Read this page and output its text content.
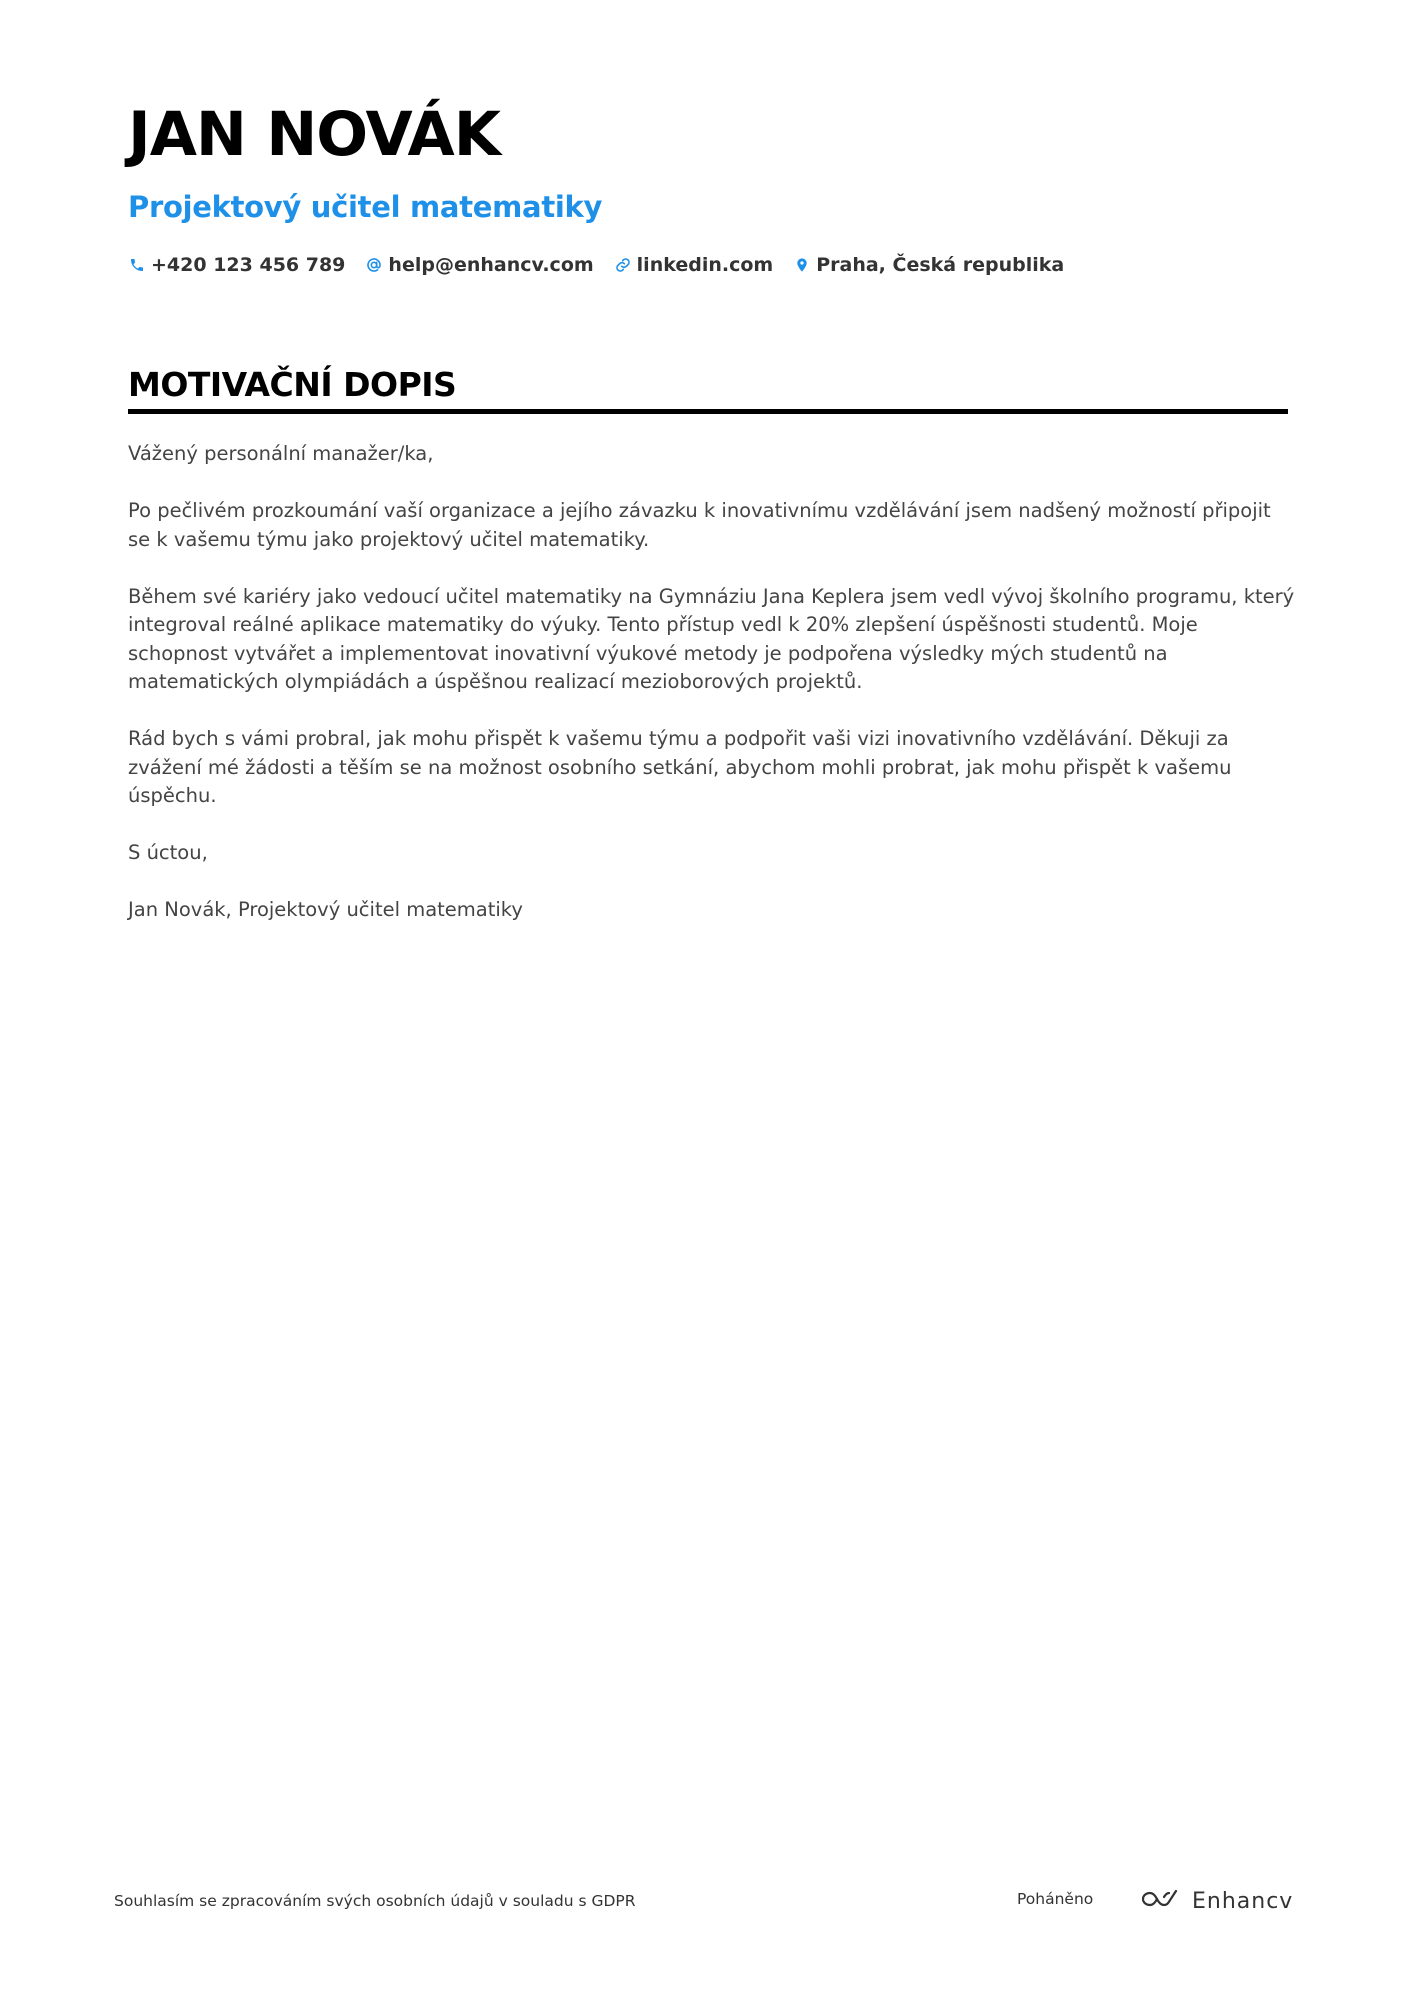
JAN NOVÁK
Projektový učitel matematiky
+420 123 456 789 help@enhancv.com linkedin.com Praha, Česká republika
MOTIVAČNÍ DOPIS

Vážený personální manažer/ka,

Po pečlivém prozkoumání vaší organizace a jejího závazku k inovativnímu vzdělávání jsem nadšený možností připojit se k vašemu týmu jako projektový učitel matematiky.

Během své kariéry jako vedoucí učitel matematiky na Gymnáziu Jana Keplera jsem vedl vývoj školního programu, který integroval reálné aplikace matematiky do výuky. Tento přístup vedl k 20% zlepšení úspěšnosti studentů. Moje schopnost vytvářet a implementovat inovativní výukové metody je podpořena výsledky mých studentů na matematických olympiádách a úspěšnou realizací mezioborových projektů.

Rád bych s vámi probral, jak mohu přispět k vašemu týmu a podpořit vaši vizi inovativního vzdělávání. Děkuji za zvážení mé žádosti a těším se na možnost osobního setkání, abychom mohli probrat, jak mohu přispět k vašemu úspěchu.

S úctou,

Jan Novák, Projektový učitel matematiky

Souhlasím se zpracováním svých osobních údajů v souladu s GDPR	Poháněno	Enhancv
